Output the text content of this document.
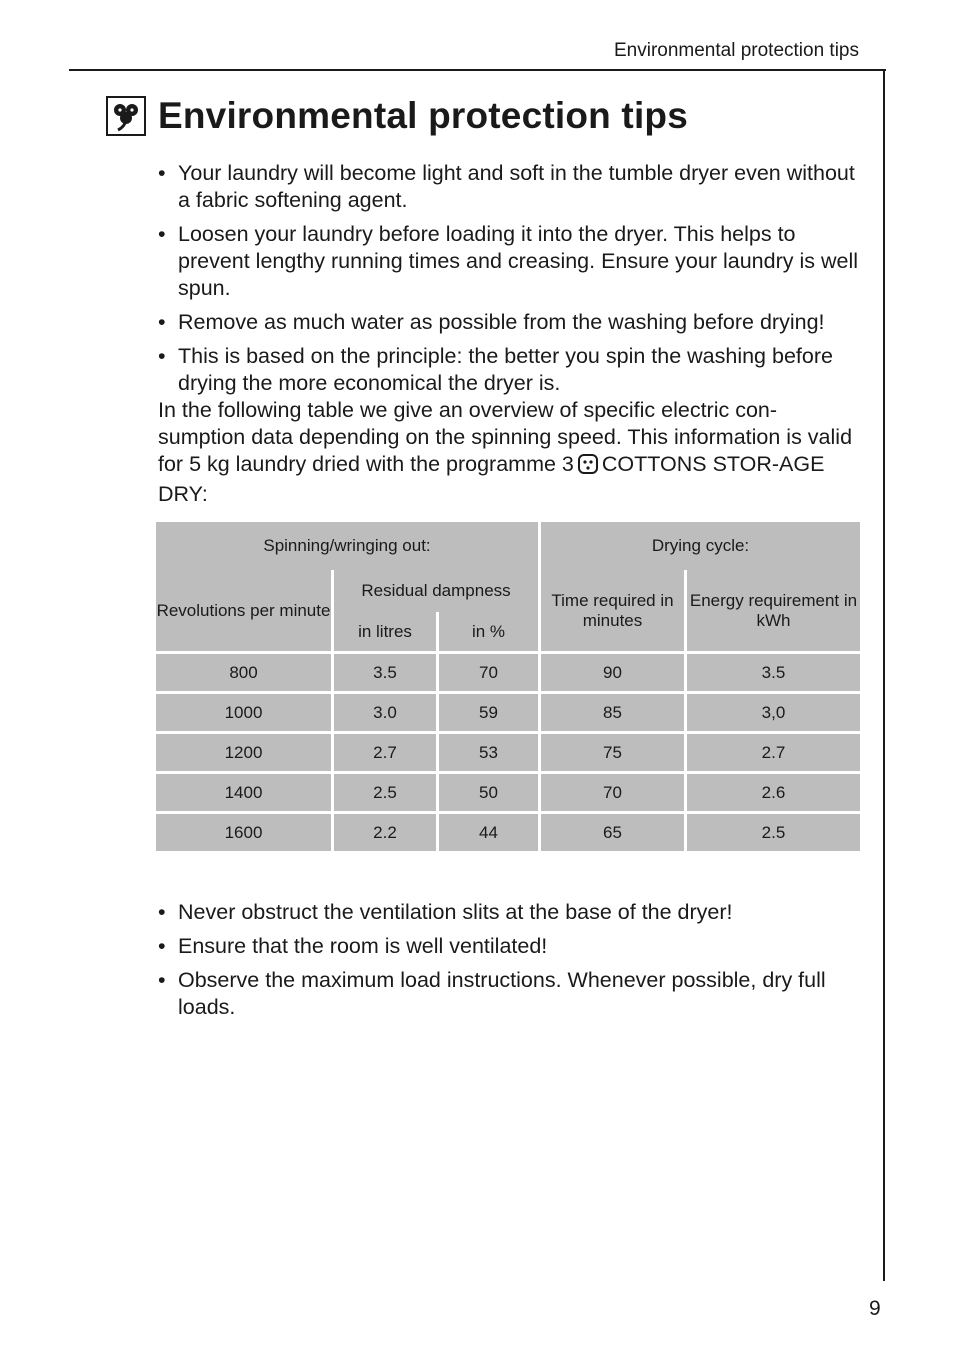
Environmental protection tips
Environmental protection tips
• Your laundry will become light and soft in the tumble dryer even without a fabric softening agent.
• Loosen your laundry before loading it into the dryer. This helps to prevent lengthy running times and creasing. Ensure your laundry is well spun.
• Remove as much water as possible from the washing before drying!
• This is based on the principle: the better you spin the washing before drying the more economical the dryer is.

In the following table we give an overview of specific electric con-sumption data depending on the spinning speed. This information is valid for 5 kg laundry dried with the programme 3 COTTONS STOR-AGE DRY:

Spinning/wringing out:			Drying cycle:	
Revolutions per minute	Residual dampness		Time required in minutes	Energy requirement in kWh
	in litres	in %		
800	3.5	70	90	3.5
1000	3.0	59	85	3,0
1200	2.7	53	75	2.7
1400	2.5	50	70	2.6
1600	2.2	44	65	2.5
• Never obstruct the ventilation slits at the base of the dryer!
• Ensure that the room is well ventilated!
• Observe the maximum load instructions. Whenever possible, dry full loads.
9
